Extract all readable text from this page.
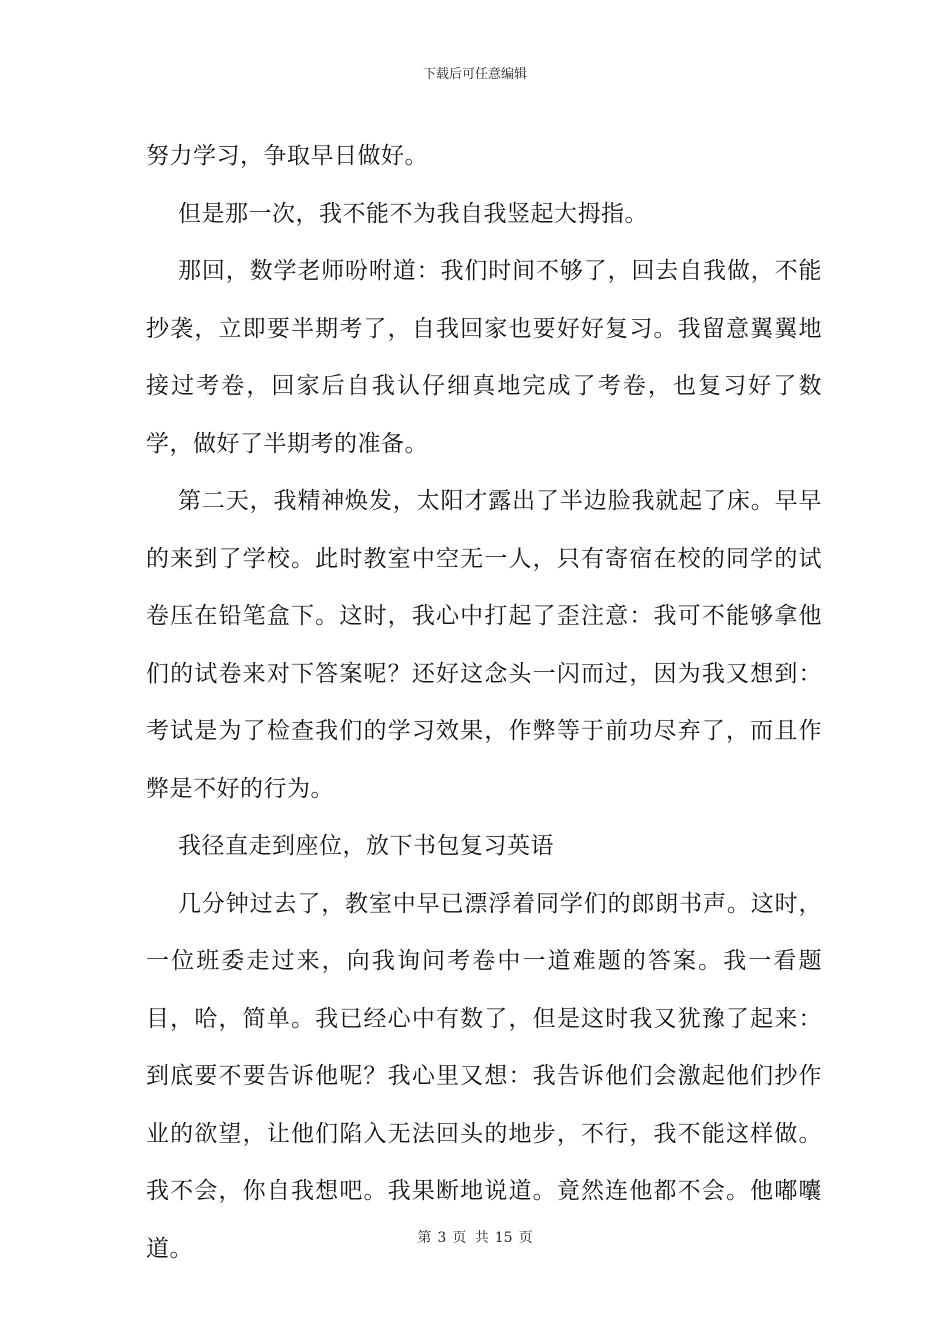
下载后可任意编辑

努力学习，争取早日做好。

但是那一次，我不能不为我自我竖起大拇指。

那回，数学老师吩咐道：我们时间不够了，回去自我做，不能抄袭，立即要半期考了，自我回家也要好好复习。我留意翼翼地接过考卷，回家后自我认仔细真地完成了考卷，也复习好了数学，做好了半期考的准备。

第二天，我精神焕发，太阳才露出了半边脸我就起了床。早早的来到了学校。此时教室中空无一人，只有寄宿在校的同学的试卷压在铅笔盒下。这时，我心中打起了歪注意：我可不能够拿他们的试卷来对下答案呢？还好这念头一闪而过，因为我又想到：考试是为了检查我们的学习效果，作弊等于前功尽弃了，而且作弊是不好的行为。

我径直走到座位，放下书包复习英语

几分钟过去了，教室中早已漂浮着同学们的郎朗书声。这时，一位班委走过来，向我询问考卷中一道难题的答案。我一看题目，哈，简单。我已经心中有数了，但是这时我又犹豫了起来：到底要不要告诉他呢？我心里又想：我告诉他们会激起他们抄作业的欲望，让他们陷入无法回头的地步，不行，我不能这样做。我不会，你自我想吧。我果断地说道。竟然连他都不会。他嘟囔道。	第 3 页 共 15 页
